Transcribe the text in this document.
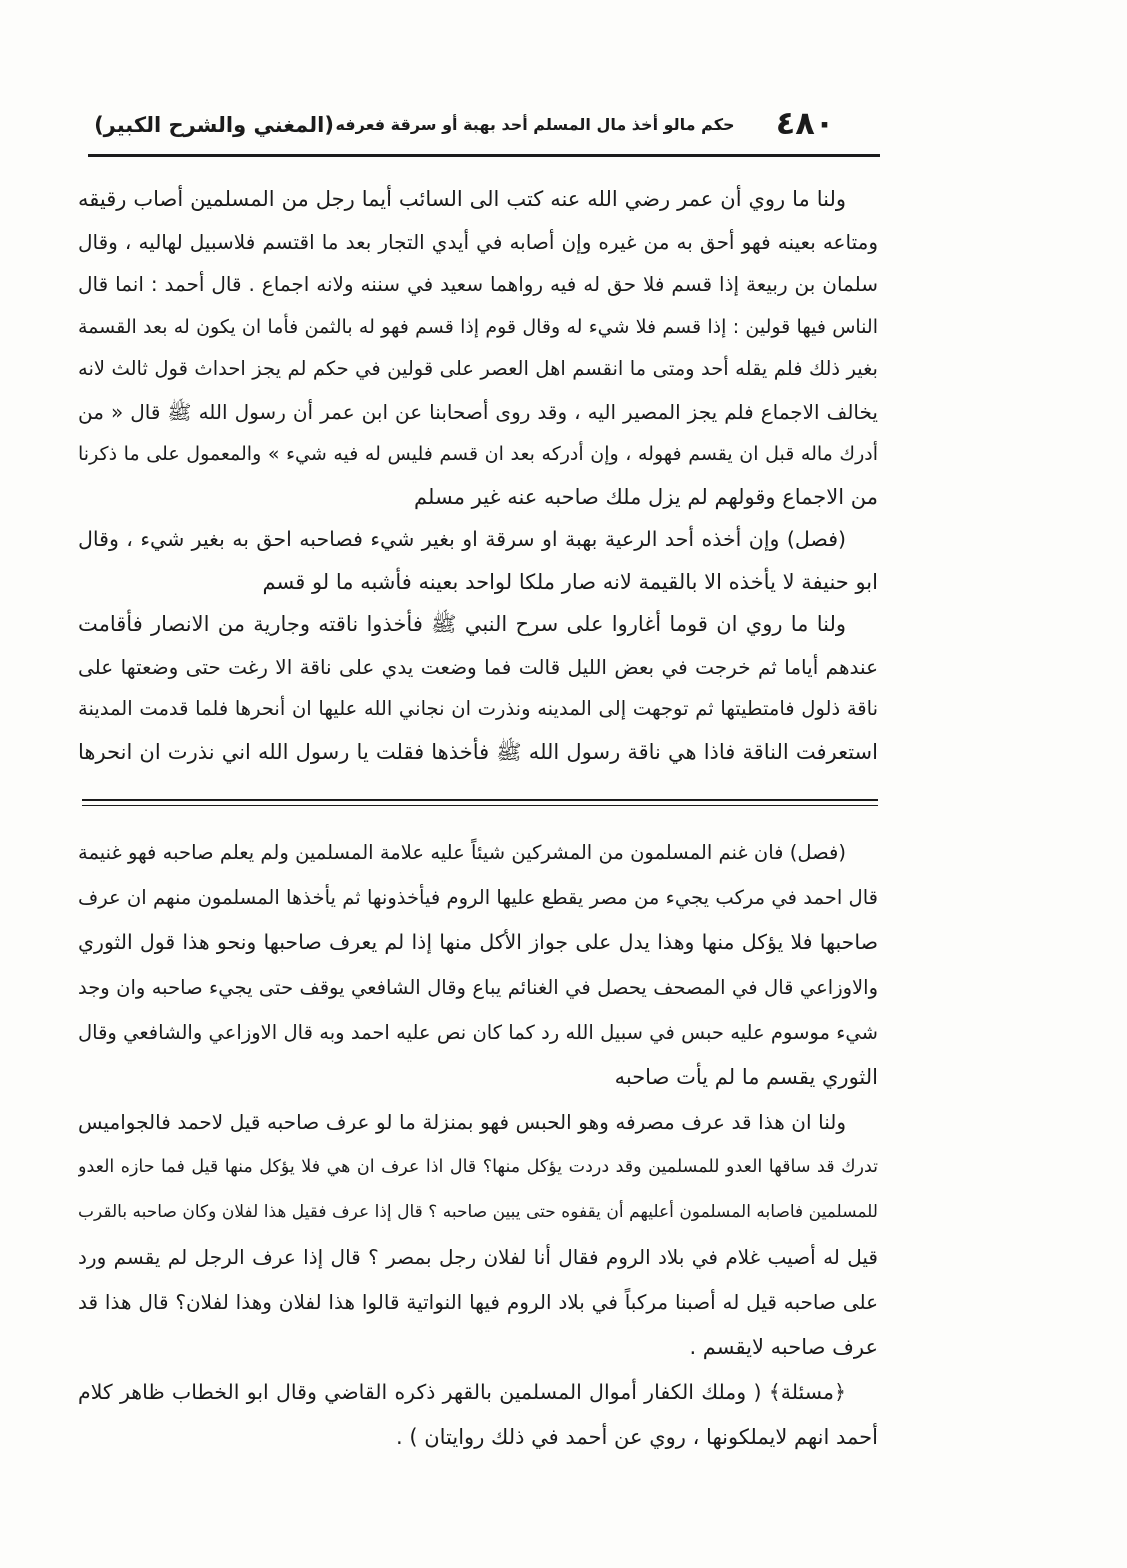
٤٨٠
حكم مالو أخذ مال المسلم أحد بهبة أو سرقة فعرفه
(المغني والشرح الكبير)
ولنا ما روي أن عمر رضي الله عنه كتب الى السائب أيما رجل من المسلمين أصاب رقيقه
ومتاعه بعينه فهو أحق به من غيره وإن أصابه في أيدي التجار بعد ما اقتسم فلاسبيل لهاليه ، وقال
سلمان بن ربيعة إذا قسم فلا حق له فيه رواهما سعيد في سننه ولانه اجماع . قال أحمد : انما قال
الناس فيها قولين : إذا قسم فلا شيء له وقال قوم إذا قسم فهو له بالثمن فأما ان يكون له بعد القسمة
بغير ذلك فلم يقله أحد ومتى ما انقسم اهل العصر على قولين في حكم لم يجز احداث قول ثالث لانه
يخالف الاجماع فلم يجز المصير اليه ، وقد روى أصحابنا عن ابن عمر أن رسول الله ﷺ قال « من
أدرك ماله قبل ان يقسم فهوله ، وإن أدركه بعد ان قسم فليس له فيه شيء » والمعمول على ما ذكرنا
من الاجماع وقولهم لم يزل ملك صاحبه عنه غير مسلم
(فصل) وإن أخذه أحد الرعية بهبة او سرقة او بغير شيء فصاحبه احق به بغير شيء ، وقال
ابو حنيفة لا يأخذه الا بالقيمة لانه صار ملكا لواحد بعينه فأشبه ما لو قسم
ولنا ما روي ان قوما أغاروا على سرح النبي ﷺ فأخذوا ناقته وجارية من الانصار فأقامت
عندهم أياما ثم خرجت في بعض الليل قالت فما وضعت يدي على ناقة الا رغت حتى وضعتها على
ناقة ذلول فامتطيتها ثم توجهت إلى المدينه ونذرت ان نجاني الله عليها ان أنحرها فلما قدمت المدينة
استعرفت الناقة فاذا هي ناقة رسول الله ﷺ فأخذها فقلت يا رسول الله اني نذرت ان انحرها
(فصل) فان غنم المسلمون من المشركين شيئاً عليه علامة المسلمين ولم يعلم صاحبه فهو غنيمة
قال احمد في مركب يجيء من مصر يقطع عليها الروم فيأخذونها ثم يأخذها المسلمون منهم ان عرف
صاحبها فلا يؤكل منها وهذا يدل على جواز الأكل منها إذا لم يعرف صاحبها ونحو هذا قول الثوري
والاوزاعي قال في المصحف يحصل في الغنائم يباع وقال الشافعي يوقف حتى يجيء صاحبه وان وجد
شيء موسوم عليه حبس في سبيل الله رد كما كان نص عليه احمد وبه قال الاوزاعي والشافعي وقال
الثوري يقسم ما لم يأت صاحبه
ولنا ان هذا قد عرف مصرفه وهو الحبس فهو بمنزلة ما لو عرف صاحبه قيل لاحمد فالجواميس
تدرك قد ساقها العدو للمسلمين وقد دردت يؤكل منها؟ قال اذا عرف ان هي فلا يؤكل منها قيل فما حازه العدو
للمسلمين فاصابه المسلمون أعليهم أن يقفوه حتى يبين صاحبه ؟ قال إذا عرف فقيل هذا لفلان وكان صاحبه بالقرب
قيل له أصيب غلام في بلاد الروم فقال أنا لفلان رجل بمصر ؟ قال إذا عرف الرجل لم يقسم ورد
على صاحبه قيل له أصبنا مركباً في بلاد الروم فيها النواتية قالوا هذا لفلان وهذا لفلان؟ قال هذا قد
عرف صاحبه لايقسم .
﴿مسئلة﴾ ( وملك الكفار أموال المسلمين بالقهر ذكره القاضي وقال ابو الخطاب ظاهر كلام
أحمد انهم لايملكونها ، روي عن أحمد في ذلك روايتان ) .
